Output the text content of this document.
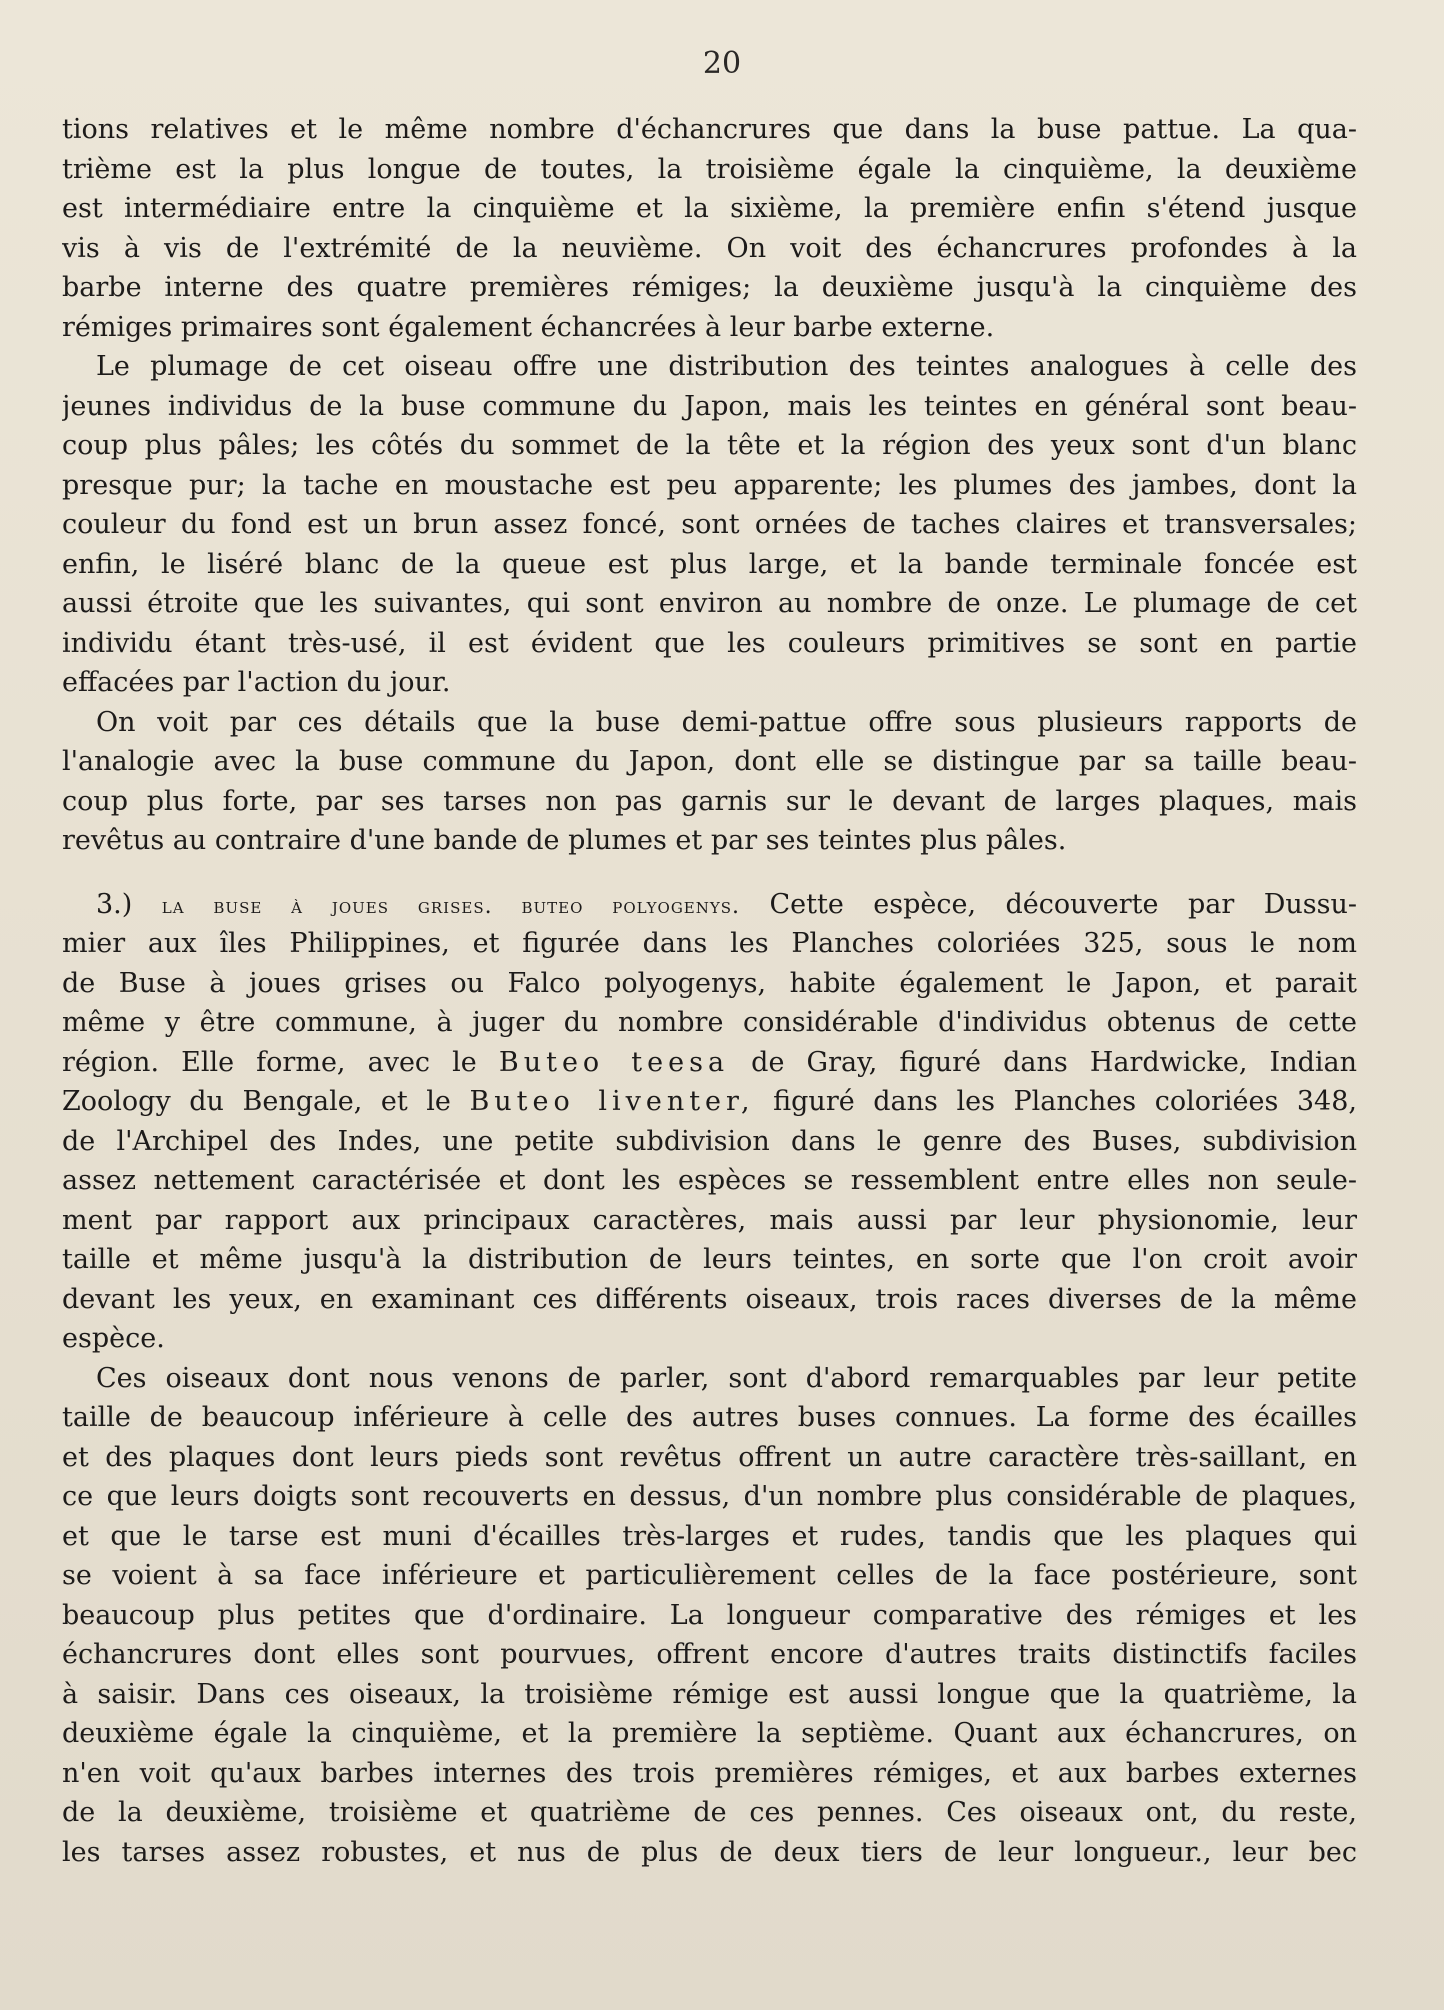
20
tions relatives et le même nombre d'échancrures que dans la buse pattue. La qua-
trième est la plus longue de toutes, la troisième égale la cinquième, la deuxième
est intermédiaire entre la cinquième et la sixième, la première enfin s'étend jusque
vis à vis de l'extrémité de la neuvième. On voit des échancrures profondes à la
barbe interne des quatre premières rémiges; la deuxième jusqu'à la cinquième des
rémiges primaires sont également échancrées à leur barbe externe.
Le plumage de cet oiseau offre une distribution des teintes analogues à celle des
jeunes individus de la buse commune du Japon, mais les teintes en général sont beau-
coup plus pâles; les côtés du sommet de la tête et la région des yeux sont d'un blanc
presque pur; la tache en moustache est peu apparente; les plumes des jambes, dont la
couleur du fond est un brun assez foncé, sont ornées de taches claires et transversales;
enfin, le liséré blanc de la queue est plus large, et la bande terminale foncée est
aussi étroite que les suivantes, qui sont environ au nombre de onze. Le plumage de cet
individu étant très-usé, il est évident que les couleurs primitives se sont en partie
effacées par l'action du jour.
On voit par ces détails que la buse demi-pattue offre sous plusieurs rapports de
l'analogie avec la buse commune du Japon, dont elle se distingue par sa taille beau-
coup plus forte, par ses tarses non pas garnis sur le devant de larges plaques, mais
revêtus au contraire d'une bande de plumes et par ses teintes plus pâles.
3.) la buse à joues grises. buteo polyogenys. Cette espèce, découverte par Dussu-
mier aux îles Philippines, et figurée dans les Planches coloriées 325, sous le nom
de Buse à joues grises ou Falco polyogenys, habite également le Japon, et parait
même y être commune, à juger du nombre considérable d'individus obtenus de cette
région. Elle forme, avec le Buteo teesa de Gray, figuré dans Hardwicke, Indian
Zoology du Bengale, et le Buteo liventer, figuré dans les Planches coloriées 348,
de l'Archipel des Indes, une petite subdivision dans le genre des Buses, subdivision
assez nettement caractérisée et dont les espèces se ressemblent entre elles non seule-
ment par rapport aux principaux caractères, mais aussi par leur physionomie, leur
taille et même jusqu'à la distribution de leurs teintes, en sorte que l'on croit avoir
devant les yeux, en examinant ces différents oiseaux, trois races diverses de la même
espèce.
Ces oiseaux dont nous venons de parler, sont d'abord remarquables par leur petite
taille de beaucoup inférieure à celle des autres buses connues. La forme des écailles
et des plaques dont leurs pieds sont revêtus offrent un autre caractère très-saillant, en
ce que leurs doigts sont recouverts en dessus, d'un nombre plus considérable de plaques,
et que le tarse est muni d'écailles très-larges et rudes, tandis que les plaques qui
se voient à sa face inférieure et particulièrement celles de la face postérieure, sont
beaucoup plus petites que d'ordinaire. La longueur comparative des rémiges et les
échancrures dont elles sont pourvues, offrent encore d'autres traits distinctifs faciles
à saisir. Dans ces oiseaux, la troisième rémige est aussi longue que la quatrième, la
deuxième égale la cinquième, et la première la septième. Quant aux échancrures, on
n'en voit qu'aux barbes internes des trois premières rémiges, et aux barbes externes
de la deuxième, troisième et quatrième de ces pennes. Ces oiseaux ont, du reste,
les tarses assez robustes, et nus de plus de deux tiers de leur longueur., leur bec
